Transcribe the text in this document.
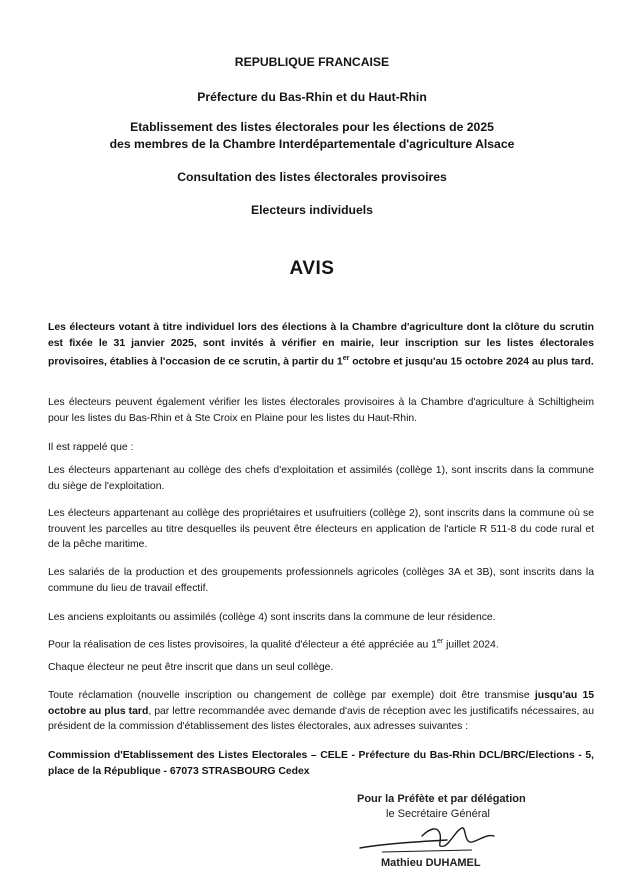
REPUBLIQUE FRANCAISE
Préfecture du Bas-Rhin et du Haut-Rhin
Etablissement des listes électorales pour les élections de 2025
des membres de la Chambre Interdépartementale d'agriculture Alsace
Consultation des listes électorales provisoires
Electeurs individuels
AVIS
Les électeurs votant à titre individuel lors des élections à la Chambre d'agriculture dont la clôture du scrutin est fixée le 31 janvier 2025, sont invités à vérifier en mairie, leur inscription sur les listes électorales provisoires, établies à l'occasion de ce scrutin, à partir du 1er octobre et jusqu'au 15 octobre 2024 au plus tard.
Les électeurs peuvent également vérifier les listes électorales provisoires à la Chambre d'agriculture à Schiltigheim pour les listes du Bas-Rhin et à Ste Croix en Plaine pour les listes du Haut-Rhin.
Il est rappelé que :
Les électeurs appartenant au collège des chefs d'exploitation et assimilés (collège 1), sont inscrits dans la commune du siège de l'exploitation.
Les électeurs appartenant au collège des propriétaires et usufruitiers (collège 2), sont inscrits dans la commune où se trouvent les parcelles au titre desquelles ils peuvent être électeurs en application de l'article R 511-8 du code rural et de la pêche maritime.
Les salariés de la production et des groupements professionnels agricoles (collèges 3A et 3B), sont inscrits dans la commune du lieu de travail effectif.
Les anciens exploitants ou assimilés (collège 4) sont inscrits dans la commune de leur résidence.
Pour la réalisation de ces listes provisoires, la qualité d'électeur a été appréciée au 1er juillet 2024.
Chaque électeur ne peut être inscrit que dans un seul collège.
Toute réclamation (nouvelle inscription ou changement de collège par exemple) doit être transmise jusqu'au 15 octobre au plus tard, par lettre recommandée avec demande d'avis de réception avec les justificatifs nécessaires, au président de la commission d'établissement des listes électorales, aux adresses suivantes :
Commission d'Etablissement des Listes Electorales – CELE - Préfecture du Bas-Rhin DCL/BRC/Elections - 5, place de la République - 67073 STRASBOURG Cedex
Pour la Préfète et par délégation
le Secrétaire Général
Mathieu DUHAMEL
